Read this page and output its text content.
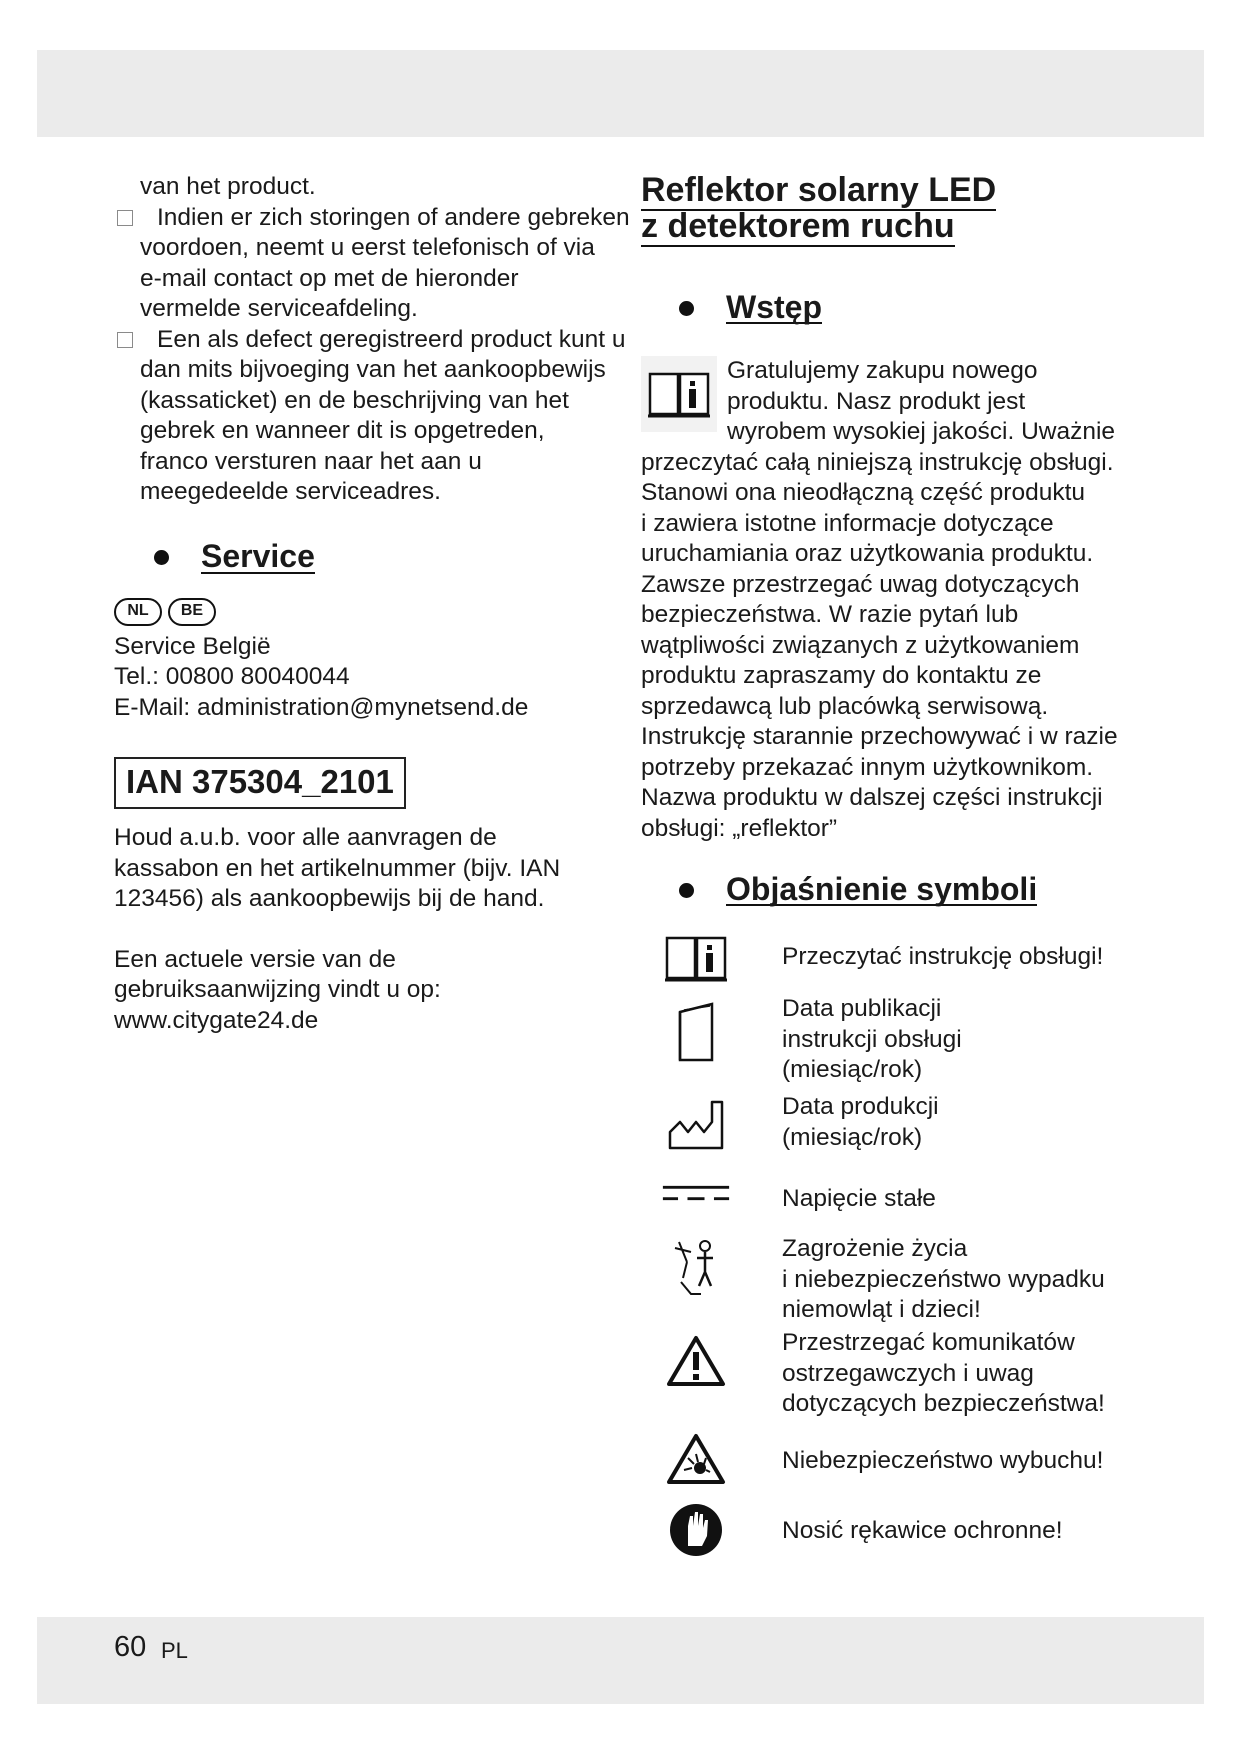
van het product.
Indien er zich storingen of andere gebreken
voordoen, neemt u eerst telefonisch of via
e-mail contact op met de hieronder
vermelde serviceafdeling.
Een als defect geregistreerd product kunt u
dan mits bijvoeging van het aankoopbewijs
(kassaticket) en de beschrijving van het
gebrek en wanneer dit is opgetreden,
franco versturen naar het aan u
meegedeelde serviceadres.
Service
NL	BE
Service België
Tel.: 00800 80040044
E-Mail: administration@mynetsend.de
IAN 375304_2101
Houd a.u.b. voor alle aanvragen de
kassabon en het artikelnummer (bijv. IAN
123456) als aankoopbewijs bij de hand.
Een actuele versie van de
gebruiksaanwijzing vindt u op:
www.citygate24.de
Reflektor solarny LED
z detektorem ruchu
Wstęp
Gratulujemy zakupu nowego
produktu. Nasz produkt jest
wyrobem wysokiej jakości. Uważnie
przeczytać całą niniejszą instrukcję obsługi.
Stanowi ona nieodłączną część produktu
i zawiera istotne informacje dotyczące
uruchamiania oraz użytkowania produktu.
Zawsze przestrzegać uwag dotyczących
bezpieczeństwa. W razie pytań lub
wątpliwości związanych z użytkowaniem
produktu zapraszamy do kontaktu ze
sprzedawcą lub placówką serwisową.
Instrukcję starannie przechowywać i w razie
potrzeby przekazać innym użytkownikom.
Nazwa produktu w dalszej części instrukcji
obsługi: „reflektor”
Objaśnienie symboli
Przeczytać instrukcję obsługi!
Data publikacji
instrukcji obsługi
(miesiąc/rok)
Data produkcji
(miesiąc/rok)
Napięcie stałe
Zagrożenie życia
i niebezpieczeństwo wypadku
niemowląt i dzieci!
Przestrzegać komunikatów
ostrzegawczych i uwag
dotyczących bezpieczeństwa!
Niebezpieczeństwo wybuchu!
Nosić rękawice ochronne!
60 PL
